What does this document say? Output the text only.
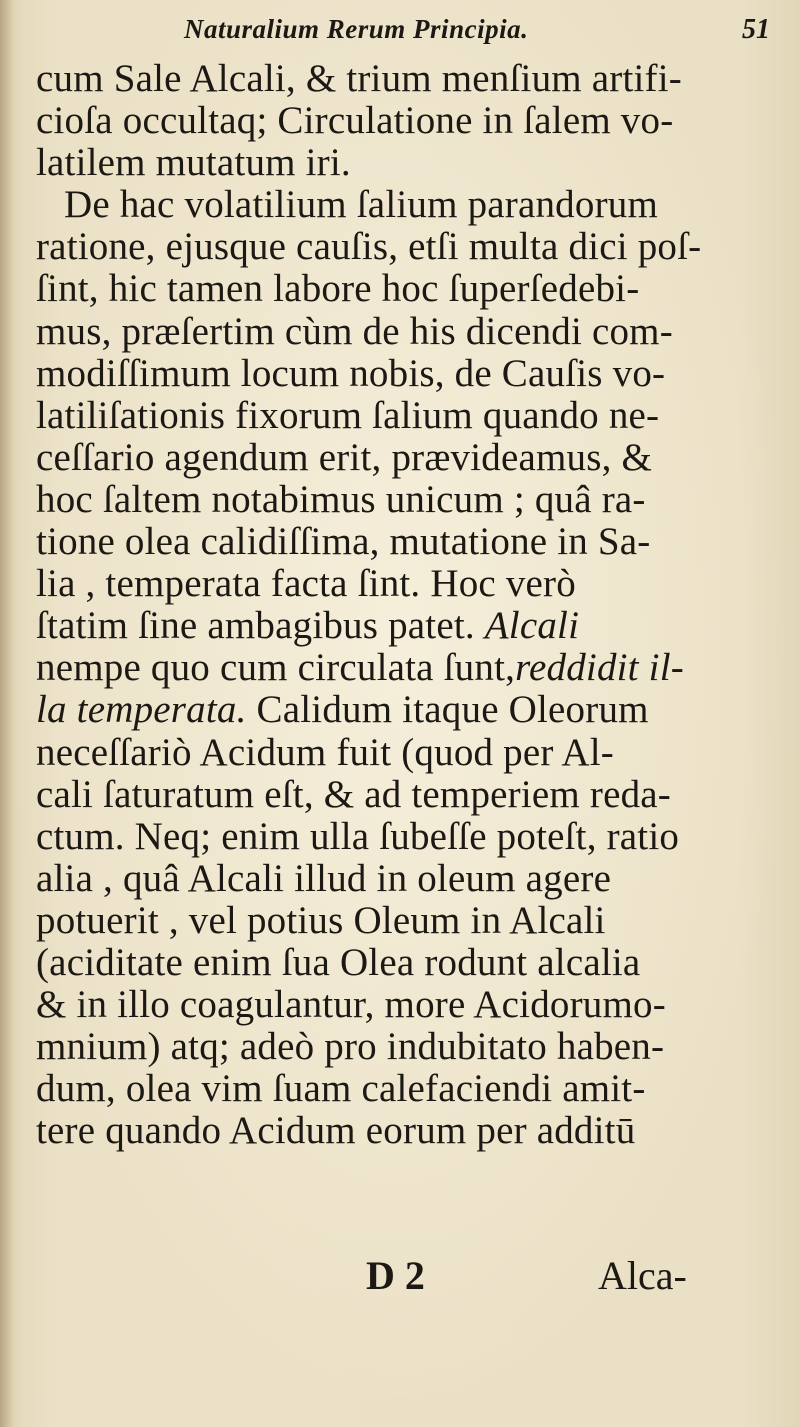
Naturalium Rerum Principia.	51
cum Sale Alcali, & trium menſium artifi-
cioſa occultaq; Circulatione in ſalem vo-
latilem mutatum iri.
De hac volatilium ſalium parandorum
ratione, ejusque cauſis, etſi multa dici poſ-
ſint, hic tamen labore hoc ſuperſedebi-
mus, præſertim cùm de his dicendi com-
modiſſimum locum nobis, de Cauſis vo-
latiliſationis fixorum ſalium quando ne-
ceſſario agendum erit, prævideamus, &
hoc ſaltem notabimus unicum ; quâ ra-
tione olea calidiſſima, mutatione in Sa-
lia , temperata facta ſint. Hoc verò
ſtatim ſine ambagibus patet. Alcali
nempe quo cum circulata ſunt,reddidit il-
la temperata. Calidum itaque Oleorum
neceſſariò Acidum fuit (quod per Al-
cali ſaturatum eſt, & ad temperiem reda-
ctum. Neq; enim ulla ſubeſſe poteſt, ratio
alia , quâ Alcali illud in oleum agere
potuerit , vel potius Oleum in Alcali
(aciditate enim ſua Olea rodunt alcalia
& in illo coagulantur, more Acidorumo-
mnium) atq; adeò pro indubitato haben-
dum, olea vim ſuam calefaciendi amit-
tere quando Acidum eorum per additū
D 2	Alca-
